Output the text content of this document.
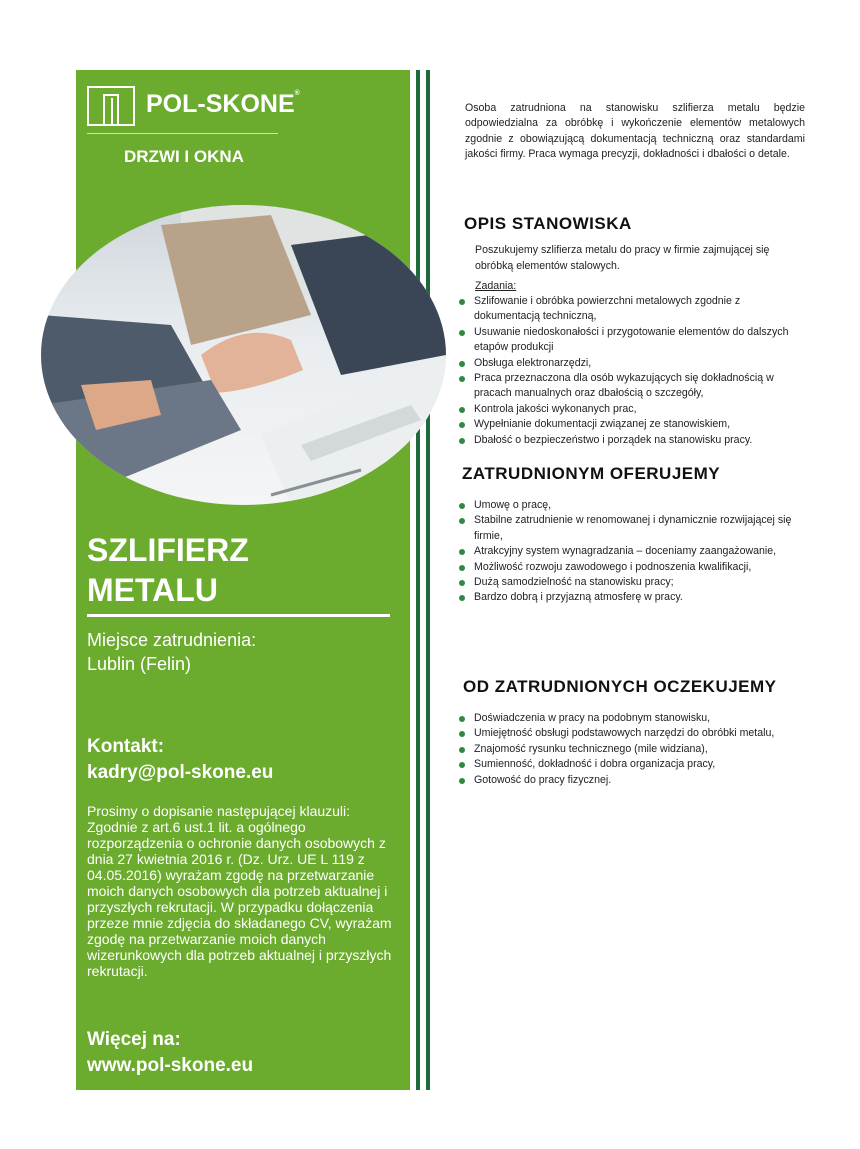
POL-SKONE®
DRZWI I OKNA
SZLIFIERZ
METALU
Miejsce zatrudnienia:
Lublin (Felin)
Kontakt:
kadry@pol-skone.eu
Prosimy o dopisanie następującej klauzuli: Zgodnie z art.6 ust.1 lit. a ogólnego rozporządzenia o ochronie danych osobowych z dnia 27 kwietnia 2016 r. (Dz. Urz. UE L 119 z 04.05.2016) wyrażam zgodę na przetwarzanie moich danych osobowych dla potrzeb aktualnej i przyszłych rekrutacji. W przypadku dołączenia przeze mnie zdjęcia do składanego CV, wyrażam zgodę na przetwarzanie moich danych wizerunkowych dla potrzeb aktualnej i przyszłych rekrutacji.
Więcej na:
www.pol-skone.eu
Osoba zatrudniona na stanowisku szlifierza metalu będzie odpowiedzialna za obróbkę i wykończenie elementów metalowych zgodnie z obowiązującą dokumentacją techniczną oraz standardami jakości firmy. Praca wymaga precyzji, dokładności i dbałości o detale.
OPIS STANOWISKA
Poszukujemy szlifierza metalu do pracy w firmie zajmującej się obróbką elementów stalowych.
Zadania:
Szlifowanie i obróbka powierzchni metalowych zgodnie z dokumentacją techniczną,
Usuwanie niedoskonałości i przygotowanie elementów do dalszych etapów produkcji
Obsługa elektronarzędzi,
Praca przeznaczona dla osób wykazujących się dokładnością w pracach manualnych oraz dbałością o szczegóły,
Kontrola jakości wykonanych prac,
Wypełnianie dokumentacji związanej ze stanowiskiem,
Dbałość o bezpieczeństwo i porządek na stanowisku pracy.
ZATRUDNIONYM OFERUJEMY
Umowę o pracę,
Stabilne zatrudnienie w renomowanej i dynamicznie rozwijającej się firmie,
Atrakcyjny system wynagradzania – doceniamy zaangażowanie,
Możliwość rozwoju zawodowego i podnoszenia kwalifikacji,
Dużą samodzielność na stanowisku pracy;
Bardzo dobrą i przyjazną atmosferę w pracy.
OD ZATRUDNIONYCH OCZEKUJEMY
Doświadczenia w pracy na podobnym stanowisku,
Umiejętność obsługi podstawowych narzędzi do obróbki metalu,
Znajomość rysunku technicznego (mile widziana),
Sumienność, dokładność i dobra organizacja pracy,
Gotowość do pracy fizycznej.
